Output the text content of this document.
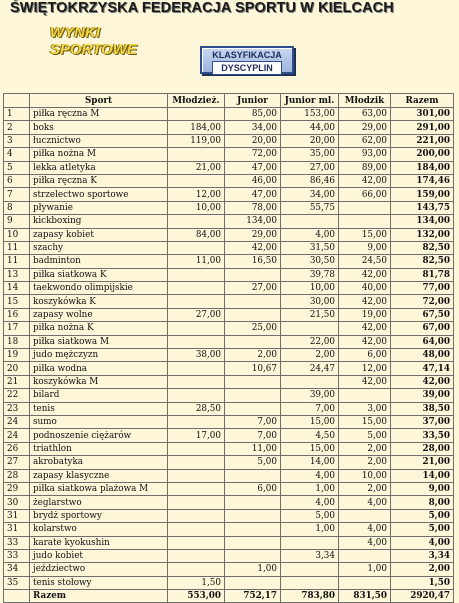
ŚWIĘTOKRZYSKA FEDERACJA SPORTU W KIELCACH
WYNKI
SPORTOWE	KLASYFIKACJA
DYSCYPLIN
	Sport	Młodzież.	Junior	Junior ml.	Młodzik	Razem
1	piłka ręczna M		85,00	153,00	63,00	301,00
2	boks	184,00	34,00	44,00	29,00	291,00
3	łucznictwo	119,00	20,00	20,00	62,00	221,00
4	piłka nożna M		72,00	35,00	93,00	200,00
5	lekka atletyka	21,00	47,00	27,00	89,00	184,00
6	piłka ręczna K		46,00	86,46	42,00	174,46
7	strzelectwo sportowe	12,00	47,00	34,00	66,00	159,00
8	pływanie	10,00	78,00	55,75		143,75
9	kickboxing		134,00			134,00
10	zapasy kobiet	84,00	29,00	4,00	15,00	132,00
11	szachy		42,00	31,50	9,00	82,50
11	badminton	11,00	16,50	30,50	24,50	82,50
13	piłka siatkowa K			39,78	42,00	81,78
14	taekwondo olimpijskie		27,00	10,00	40,00	77,00
15	koszykówka K			30,00	42,00	72,00
16	zapasy wolne	27,00		21,50	19,00	67,50
17	piłka nożna K		25,00		42,00	67,00
18	piłka siatkowa M			22,00	42,00	64,00
19	judo mężczyzn	38,00	2,00	2,00	6,00	48,00
20	piłka wodna		10,67	24,47	12,00	47,14
21	koszykówka M				42,00	42,00
22	bilard			39,00		39,00
23	tenis	28,50		7,00	3,00	38,50
24	sumo		7,00	15,00	15,00	37,00
24	podnoszenie ciężarów	17,00	7,00	4,50	5,00	33,50
26	triathlon		11,00	15,00	2,00	28,00
27	akrobatyka		5,00	14,00	2,00	21,00
28	zapasy klasyczne			4,00	10,00	14,00
29	piłka siatkowa plażowa M		6,00	1,00	2,00	9,00
30	żeglarstwo			4,00	4,00	8,00
31	brydż sportowy			5,00		5,00
31	kolarstwo			1,00	4,00	5,00
33	karate kyokushin				4,00	4,00
33	judo kobiet			3,34		3,34
34	jeździectwo		1,00		1,00	2,00
35	tenis stołowy	1,50				1,50
	Razem	553,00	752,17	783,80	831,50	2920,47
